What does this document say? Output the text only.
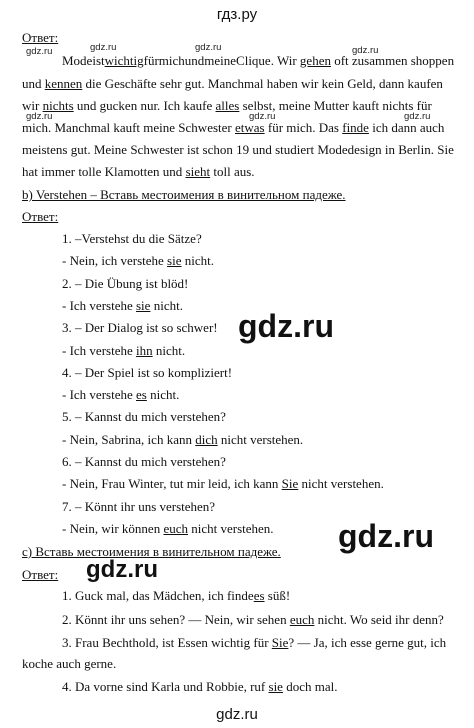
гдз.ру
Ответ:
gdz.ru	gdz.ru	gdz.ru	gdz.ru
ModeistwichtigfürmichundmeineClique. Wir gehen oft zusammen shoppen
und kennen die Geschäfte sehr gut. Manchmal haben wir kein Geld, dann kaufen
wir nichts und gucken nur. Ich kaufe alles selbst, meine Mutter kauft nichts für
gdz.ru	gdz.ru	gdz.ru
mich. Manchmal kauft meine Schwester etwas für mich. Das finde ich dann auch
meistens gut. Meine Schwester ist schon 19 und studiert Modedesign in Berlin. Sie
hat immer tolle Klamotten und sieht toll aus.
b) Verstehen – Вставь местоимения в винительном падеже.
Ответ:
1. –Verstehst du die Sätze?
- Nein, ich verstehe sie nicht.
2. – Die Übung ist blöd!
- Ich verstehe sie nicht.
3. – Der Dialog ist so schwer!
- Ich verstehe ihn nicht.
4. – Der Spiel ist so kompliziert!
- Ich verstehe es nicht.
5. – Kannst du mich verstehen?
- Nein, Sabrina, ich kann dich nicht verstehen.
6. – Kannst du mich verstehen?
- Nein, Frau Winter, tut mir leid, ich kann Sie nicht verstehen.
7. – Könnt ihr uns verstehen?
- Nein, wir können euch nicht verstehen.
gdz.ru
gdz.ru
c) Вставь местоимения в винительном падеже.
Ответ: gdz.ru
1. Guck mal, das Mädchen, ich findees süß!
2. Könnt ihr uns sehen? — Nein, wir sehen euch nicht. Wo seid ihr denn?
3. Frau Bechthold, ist Essen wichtig für Sie? — Ja, ich esse gerne gut, ich
koche auch gerne.
4. Da vorne sind Karla und Robbie, ruf sie doch mal.
gdz.ru
